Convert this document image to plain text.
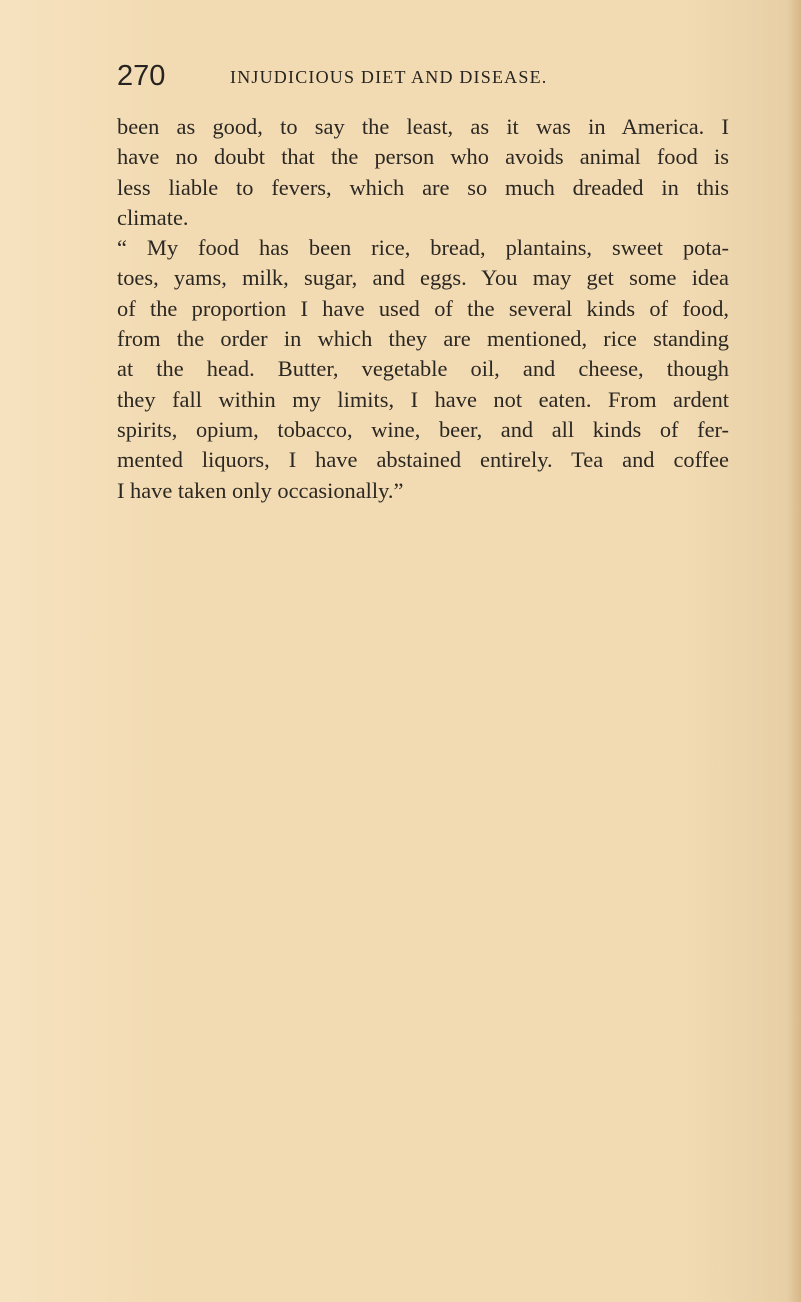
270	INJUDICIOUS DIET AND DISEASE.
been as good, to say the least, as it was in America. I
have no doubt that the person who avoids animal food is
less liable to fevers, which are so much dreaded in this
climate.
“ My food has been rice, bread, plantains, sweet pota-
toes, yams, milk, sugar, and eggs. You may get some idea
of the proportion I have used of the several kinds of food,
from the order in which they are mentioned, rice standing
at the head. Butter, vegetable oil, and cheese, though
they fall within my limits, I have not eaten. From ardent
spirits, opium, tobacco, wine, beer, and all kinds of fer-
mented liquors, I have abstained entirely. Tea and coffee
I have taken only occasionally.”
